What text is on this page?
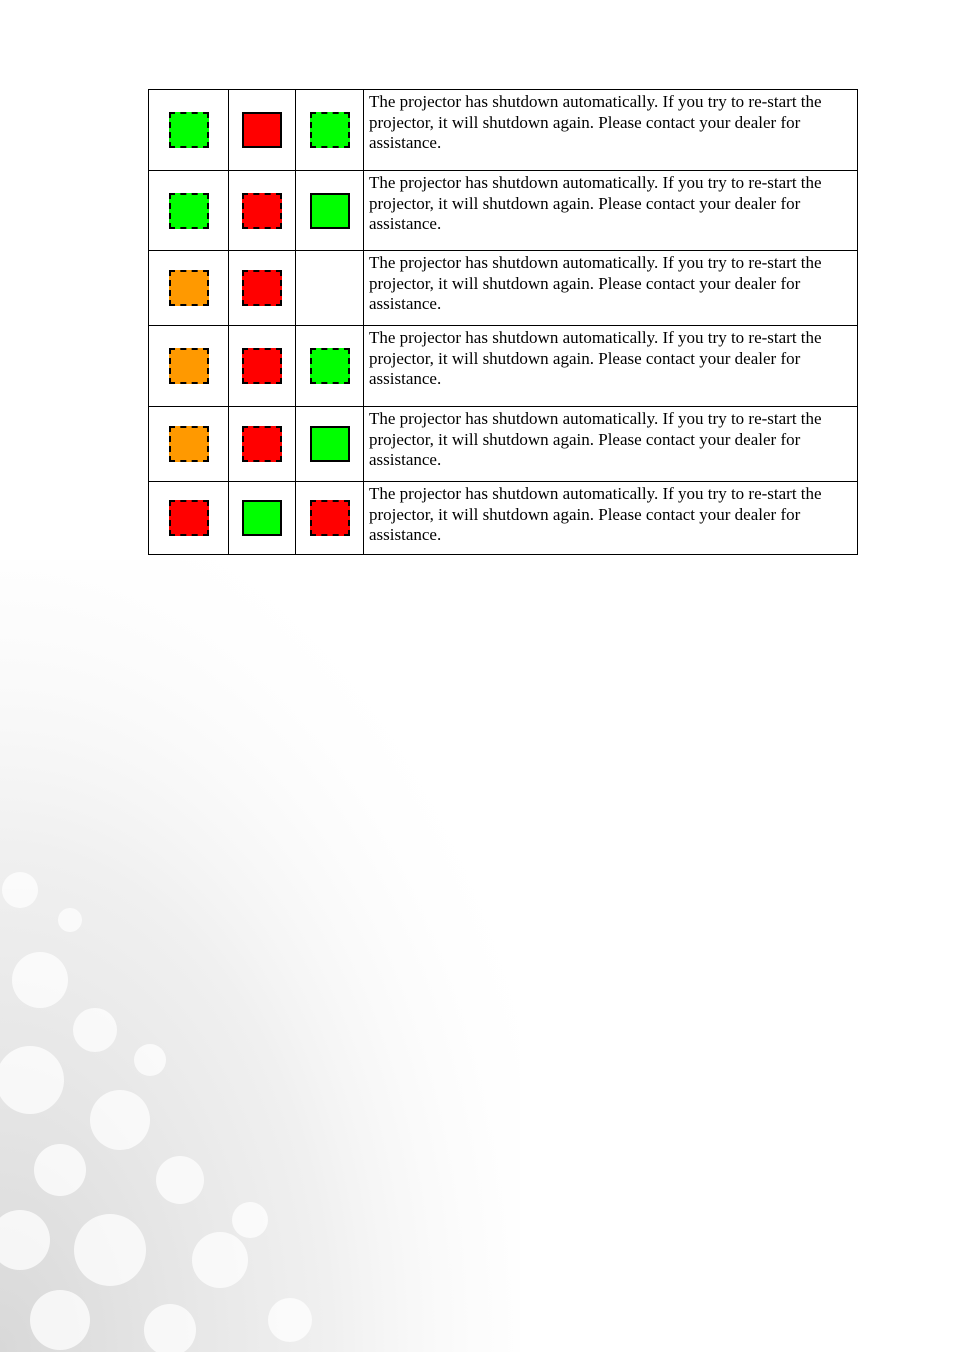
			The projector has shutdown automatically. If you try to re-start the projector, it will shutdown again. Please contact your dealer for assistance.
			The projector has shutdown automatically. If you try to re-start the projector, it will shutdown again. Please contact your dealer for assistance.
			The projector has shutdown automatically. If you try to re-start the projector, it will shutdown again. Please contact your dealer for assistance.
			The projector has shutdown automatically. If you try to re-start the projector, it will shutdown again. Please contact your dealer for assistance.
			The projector has shutdown automatically. If you try to re-start the projector, it will shutdown again. Please contact your dealer for assistance.
			The projector has shutdown automatically. If you try to re-start the projector, it will shutdown again. Please contact your dealer for assistance.
